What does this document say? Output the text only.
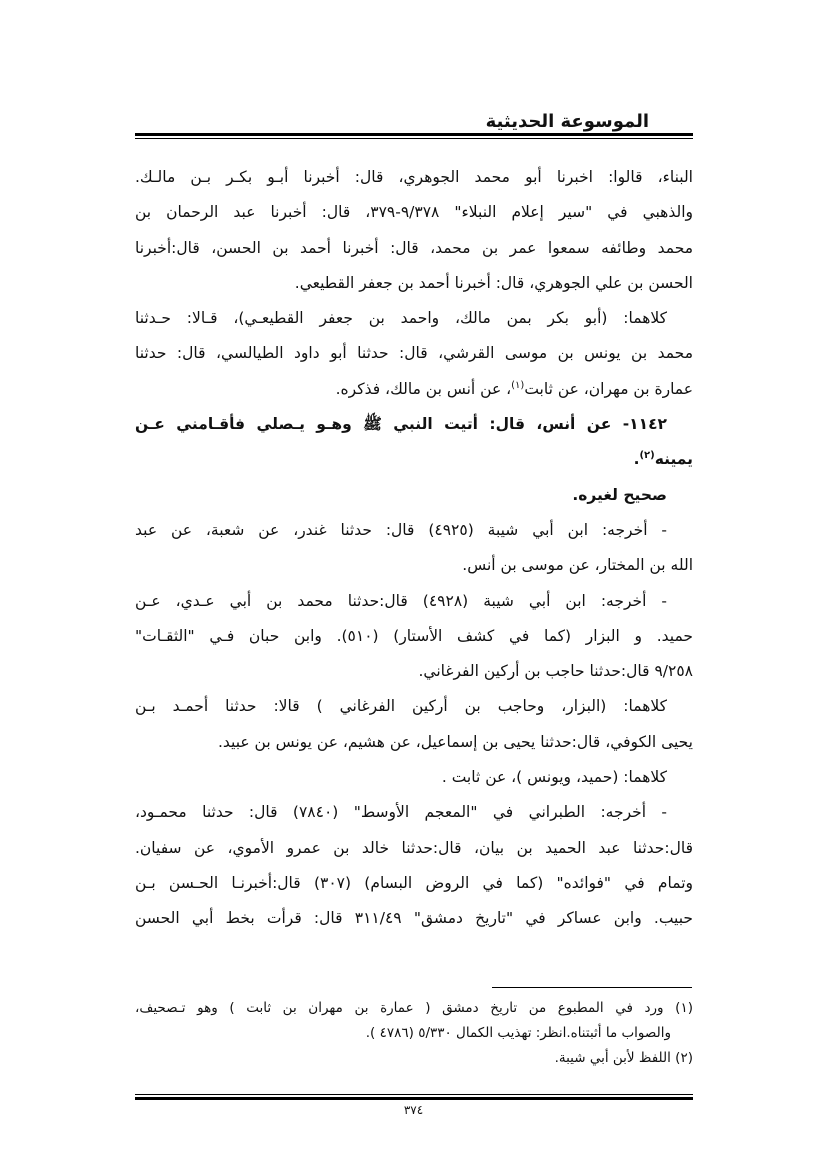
الموسوعة الحديثية
البناء، قالوا: اخبرنا أبو محمد الجوهري، قال: أخبرنا أبـو بكـر بـن مالـك.
والذهبي في "سير إعلام النبلاء" ٩/٣٧٨-٣٧٩، قال: أخبرنا عبد الرحمان بن
محمد وطائفه سمعوا عمر بن محمد، قال: أخبرنا أحمد بن الحسن، قال:أخبرنا
الحسن بن علي الجوهري، قال: أخبرنا أحمد بن جعفر القطيعي.
كلاهما: (أبو بكر بمن مالك، واحمد بن جعفر القطيعـي)، قـالا: حـدثنا
محمد بن يونس بن موسى القرشي، قال: حدثنا أبو داود الطيالسي، قال: حدثنا
عمارة بن مهران، عن ثابت$^{(١)}$، عن أنس بن مالك، فذكره.
١١٤٢- عن أنس، قال: أتيت النبي ﷺ وهـو يـصلي فأقـامني عـن
يمينه$^{(٢)}$.
صحيح لغيره.
- أخرجه: ابن أبي شيبة (٤٩٢٥) قال: حدثنا غندر، عن شعبة، عن عبد
الله بن المختار، عن موسى بن أنس.
- أخرجه: ابن أبي شيبة (٤٩٢٨) قال:حدثنا محمد بن أبي عـدي، عـن
حميد. و البزار (كما في كشف الأستار) (٥١٠). وابن حبان فـي "الثقـات"
٩/٢٥٨ قال:حدثنا حاجب بن أركين الفرغاني.
كلاهما: (البزار، وحاجب بن أركين الفرغاني ) قالا: حدثنا أحمـد بـن
يحيى الكوفي، قال:حدثنا يحيى بن إسماعيل، عن هشيم، عن يونس بن عبيد.
كلاهما: (حميد، ويونس )، عن ثابت .
- أخرجه: الطبراني في "المعجم الأوسط" (٧٨٤٠) قال: حدثنا محمـود،
قال:حدثنا عبد الحميد بن بيان، قال:حدثنا خالد بن عمرو الأموي، عن سفيان.
وتمام في "فوائده" (كما في الروض البسام) (٣٠٧) قال:أخبرنـا الحـسن بـن
حبيب. وابن عساكر في "تاريخ دمشق" ٣١١/٤٩ قال: قرأت بخط أبي الحسن
(١) ورد في المطبوع من تاريخ دمشق ( عمارة بن مهران بن ثابت ) وهو تـصحيف،
والصواب ما أثبتناه.انظر: تهذيب الكمال ٥/٣٣٠ (٤٧٨٦ ).
(٢) اللفظ لأبن أبي شيبة.
٣٧٤
